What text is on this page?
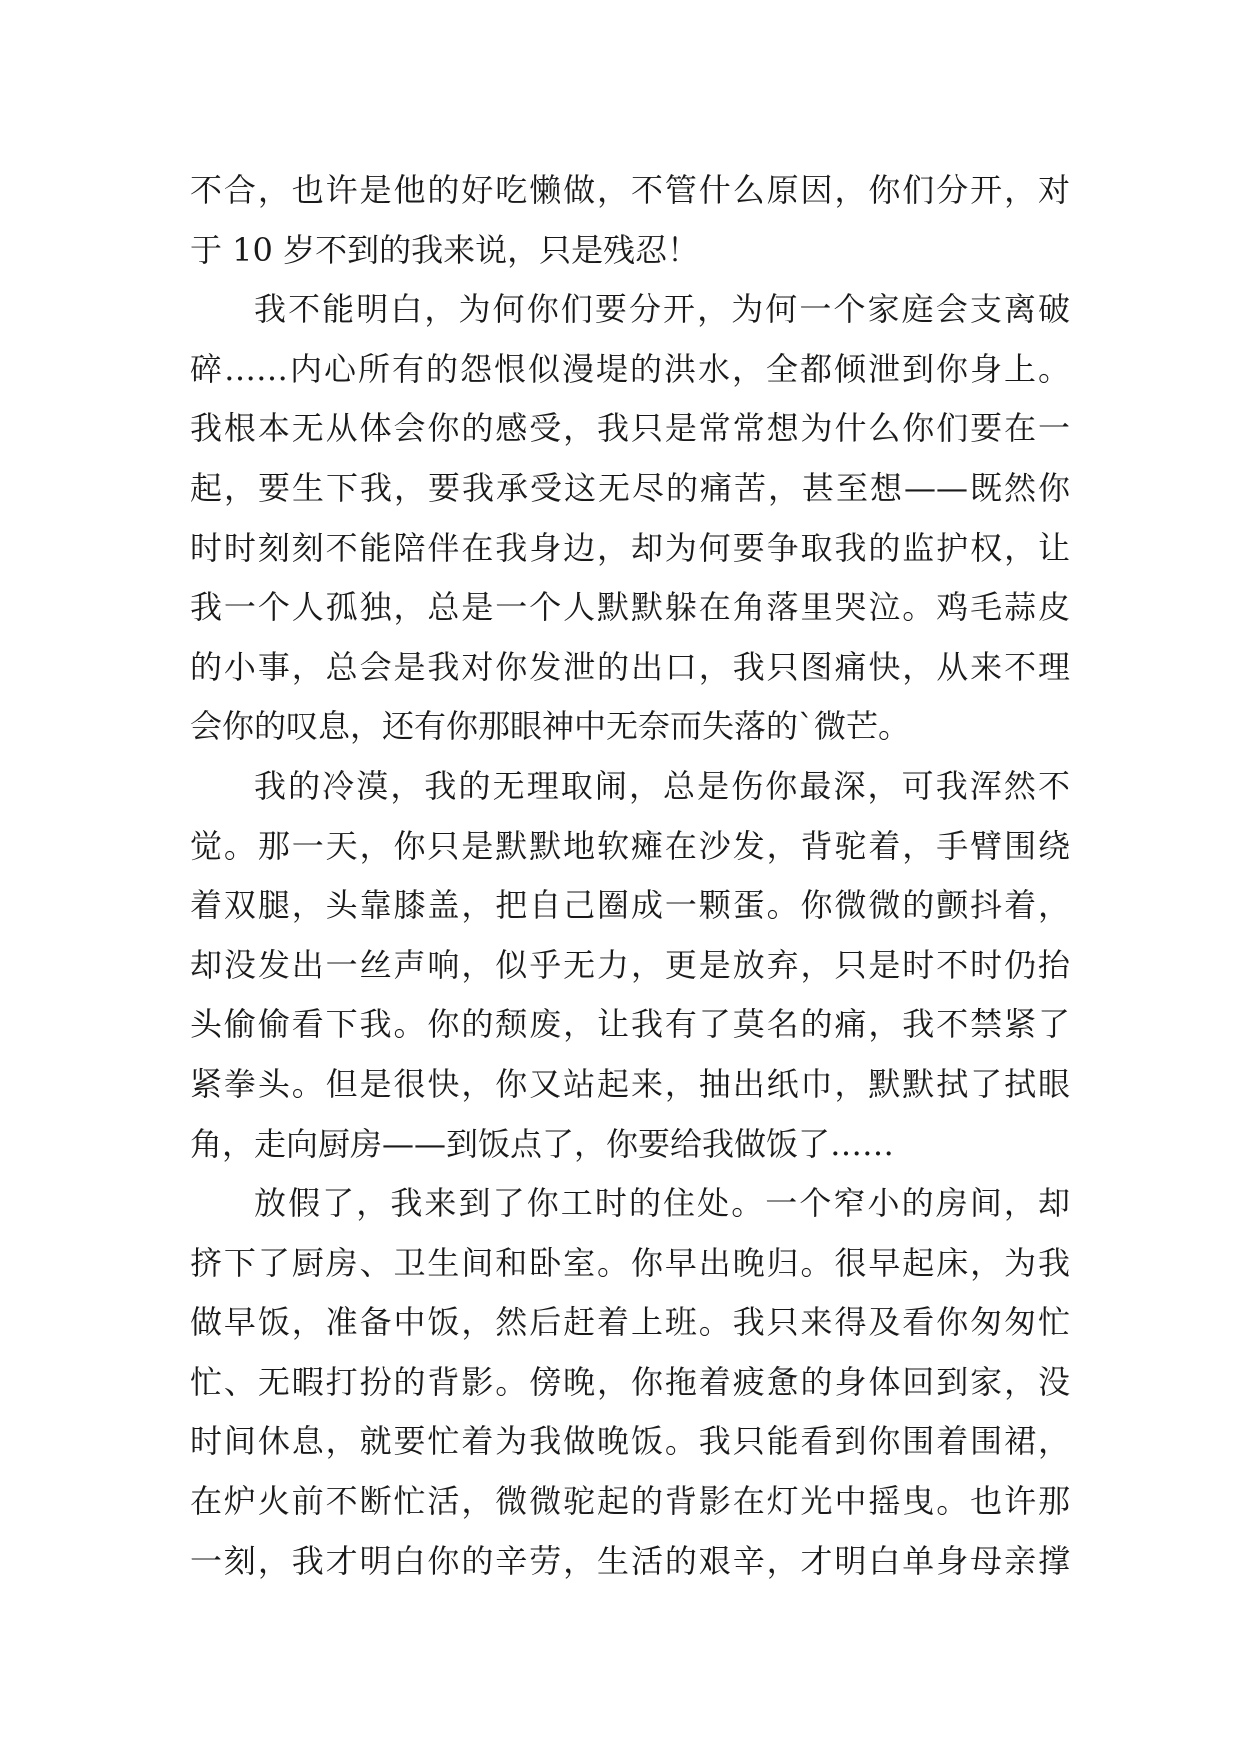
不合，也许是他的好吃懒做，不管什么原因，你们分开，对
于 10 岁不到的我来说，只是残忍！
我不能明白，为何你们要分开，为何一个家庭会支离破
碎……内心所有的怨恨似漫堤的洪水，全都倾泄到你身上。
我根本无从体会你的感受，我只是常常想为什么你们要在一
起，要生下我，要我承受这无尽的痛苦，甚至想——既然你
时时刻刻不能陪伴在我身边，却为何要争取我的监护权，让
我一个人孤独，总是一个人默默躲在角落里哭泣。鸡毛蒜皮
的小事，总会是我对你发泄的出口，我只图痛快，从来不理
会你的叹息，还有你那眼神中无奈而失落的`微芒。
我的冷漠，我的无理取闹，总是伤你最深，可我浑然不
觉。那一天，你只是默默地软瘫在沙发，背驼着，手臂围绕
着双腿，头靠膝盖，把自己圈成一颗蛋。你微微的颤抖着，
却没发出一丝声响，似乎无力，更是放弃，只是时不时仍抬
头偷偷看下我。你的颓废，让我有了莫名的痛，我不禁紧了
紧拳头。但是很快，你又站起来，抽出纸巾，默默拭了拭眼
角，走向厨房——到饭点了，你要给我做饭了……
放假了，我来到了你工时的住处。一个窄小的房间，却
挤下了厨房、卫生间和卧室。你早出晚归。很早起床，为我
做早饭，准备中饭，然后赶着上班。我只来得及看你匆匆忙
忙、无暇打扮的背影。傍晚，你拖着疲惫的身体回到家，没
时间休息，就要忙着为我做晚饭。我只能看到你围着围裙，
在炉火前不断忙活，微微驼起的背影在灯光中摇曳。也许那
一刻，我才明白你的辛劳，生活的艰辛，才明白单身母亲撑
